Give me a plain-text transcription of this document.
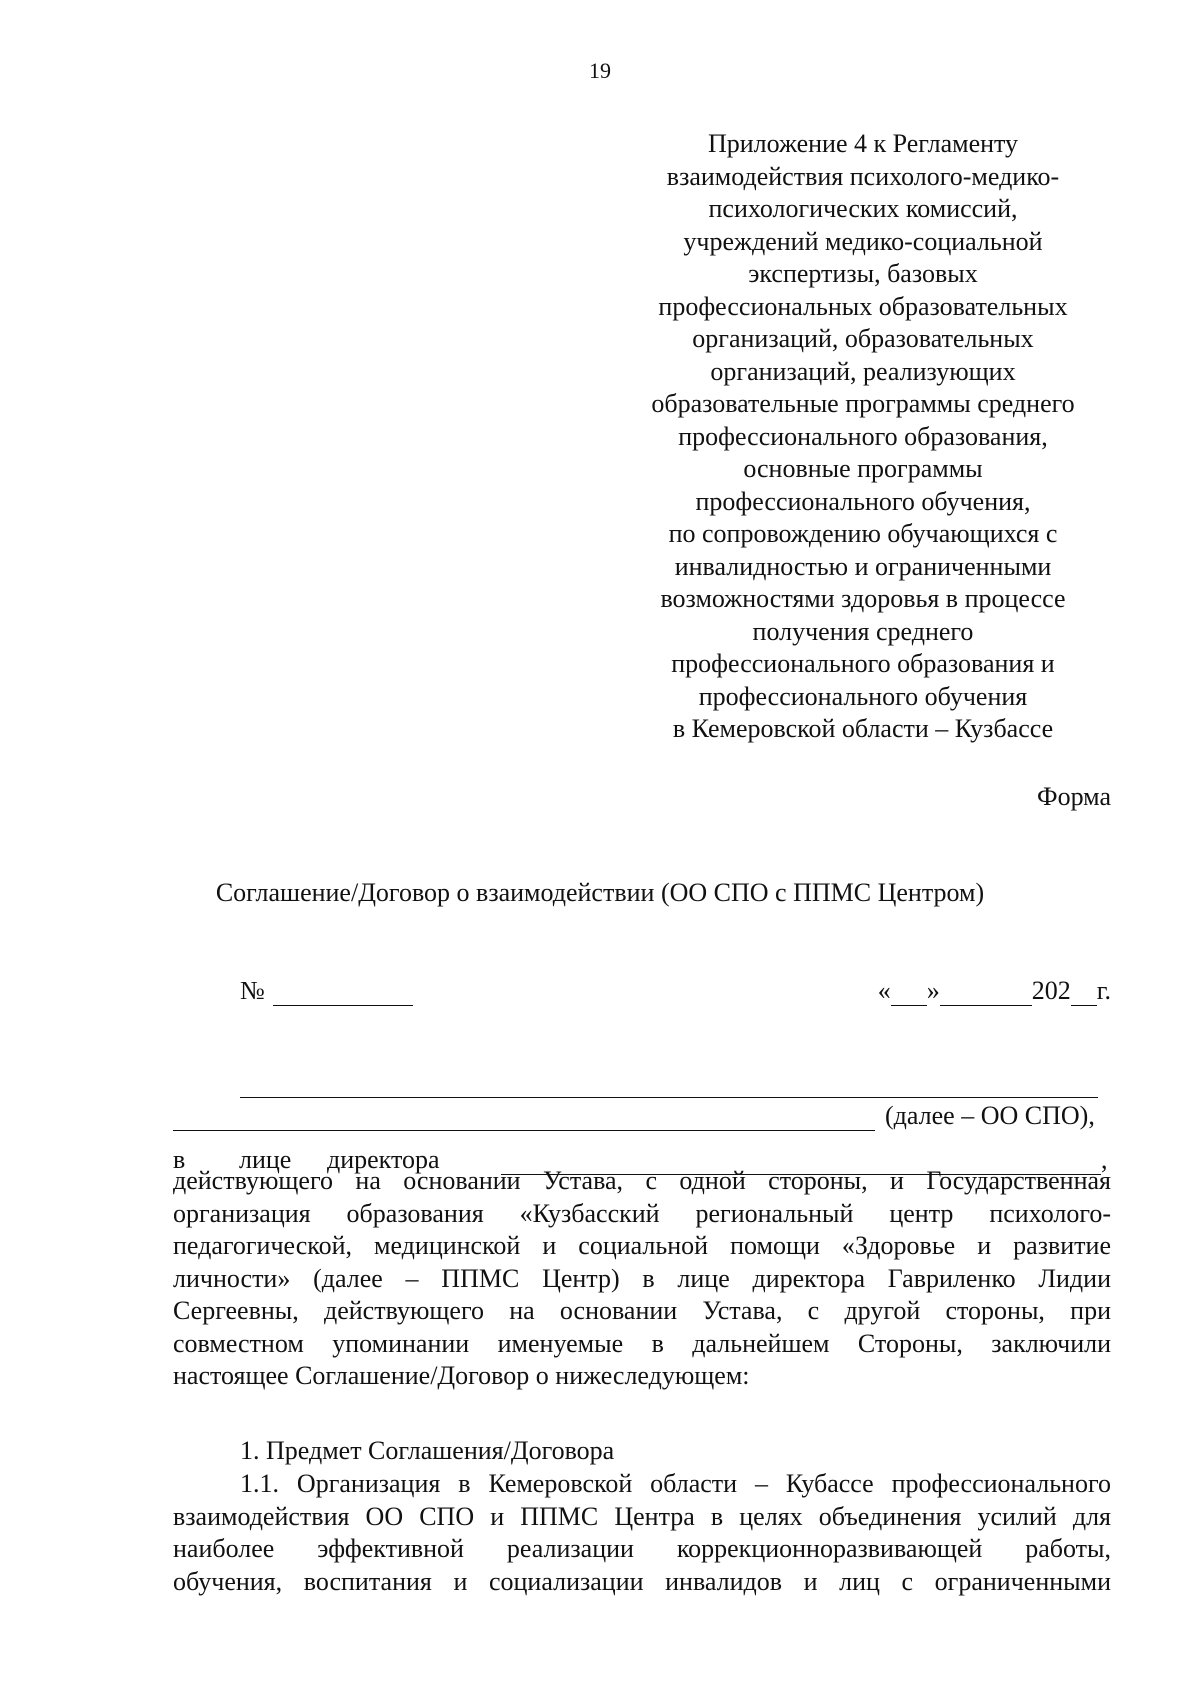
19
Приложение 4 к Регламенту
взаимодействия психолого-медико-
психологических комиссий,
учреждений медико-социальной
экспертизы, базовых
профессиональных образовательных
организаций, образовательных
организаций, реализующих
образовательные программы среднего
профессионального образования,
основные программы
профессионального обучения,
по сопровождению обучающихся с
инвалидностью и ограниченными
возможностями здоровья в процессе
получения среднего
профессионального образования и
профессионального обучения
в Кемеровской области – Кузбассе
Форма
Соглашение/Договор о взаимодействии (ОО СПО с ППМС Центром)
№	« »	202 г.
(далее – ОО СПО),
в	лице	директора	,
действующего на основании Устава, с одной стороны, и Государственная
организация образования «Кузбасский региональный центр психолого-
педагогической, медицинской и социальной помощи «Здоровье и развитие
личности» (далее – ППМС Центр) в лице директора Гавриленко Лидии
Сергеевны, действующего на основании Устава, с другой стороны, при
совместном упоминании именуемые в дальнейшем Стороны, заключили
настоящее Соглашение/Договор о нижеследующем:
1. Предмет Соглашения/Договора
1.1. Организация в Кемеровской области – Кубассе профессионального
взаимодействия ОО СПО и ППМС Центра в целях объединения усилий для
наиболее эффективной реализации коррекционноразвивающей работы,
обучения, воспитания и социализации инвалидов и лиц с ограниченными
